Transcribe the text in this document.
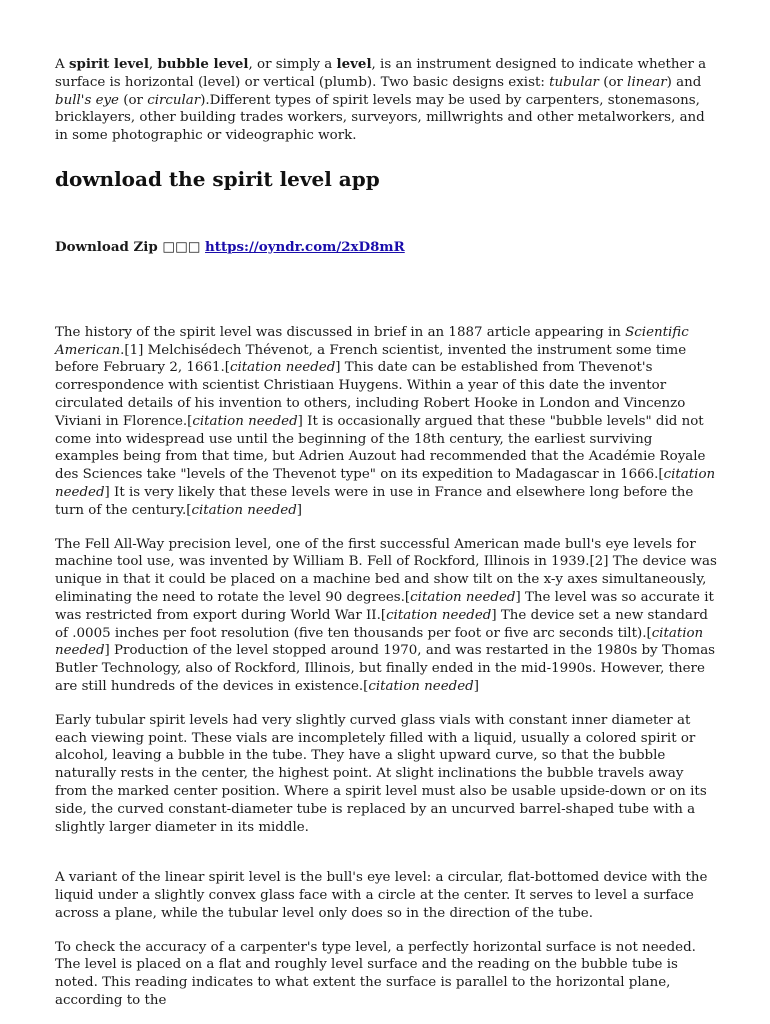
A spirit level, bubble level, or simply a level, is an instrument designed to indicate whether a surface is horizontal (level) or vertical (plumb). Two basic designs exist: tubular (or linear) and bull's eye (or circular).Different types of spirit levels may be used by carpenters, stonemasons, bricklayers, other building trades workers, surveyors, millwrights and other metalworkers, and in some photographic or videographic work.

download the spirit level app

Download Zip □□□ https://oyndr.com/2xD8mR

The history of the spirit level was discussed in brief in an 1887 article appearing in Scientific American.[1] Melchisédech Thévenot, a French scientist, invented the instrument some time before February 2, 1661.[citation needed] This date can be established from Thevenot's correspondence with scientist Christiaan Huygens. Within a year of this date the inventor circulated details of his invention to others, including Robert Hooke in London and Vincenzo Viviani in Florence.[citation needed] It is occasionally argued that these "bubble levels" did not come into widespread use until the beginning of the 18th century, the earliest surviving examples being from that time, but Adrien Auzout had recommended that the Académie Royale des Sciences take "levels of the Thevenot type" on its expedition to Madagascar in 1666.[citation needed] It is very likely that these levels were in use in France and elsewhere long before the turn of the century.[citation needed]

The Fell All-Way precision level, one of the first successful American made bull's eye levels for machine tool use, was invented by William B. Fell of Rockford, Illinois in 1939.[2] The device was unique in that it could be placed on a machine bed and show tilt on the x-y axes simultaneously, eliminating the need to rotate the level 90 degrees.[citation needed] The level was so accurate it was restricted from export during World War II.[citation needed] The device set a new standard of .0005 inches per foot resolution (five ten thousands per foot or five arc seconds tilt).[citation needed] Production of the level stopped around 1970, and was restarted in the 1980s by Thomas Butler Technology, also of Rockford, Illinois, but finally ended in the mid-1990s. However, there are still hundreds of the devices in existence.[citation needed]

Early tubular spirit levels had very slightly curved glass vials with constant inner diameter at each viewing point. These vials are incompletely filled with a liquid, usually a colored spirit or alcohol, leaving a bubble in the tube. They have a slight upward curve, so that the bubble naturally rests in the center, the highest point. At slight inclinations the bubble travels away from the marked center position. Where a spirit level must also be usable upside-down or on its side, the curved constant-diameter tube is replaced by an uncurved barrel-shaped tube with a slightly larger diameter in its middle.

A variant of the linear spirit level is the bull's eye level: a circular, flat-bottomed device with the liquid under a slightly convex glass face with a circle at the center. It serves to level a surface across a plane, while the tubular level only does so in the direction of the tube.

To check the accuracy of a carpenter's type level, a perfectly horizontal surface is not needed. The level is placed on a flat and roughly level surface and the reading on the bubble tube is noted. This reading indicates to what extent the surface is parallel to the horizontal plane, according to the
